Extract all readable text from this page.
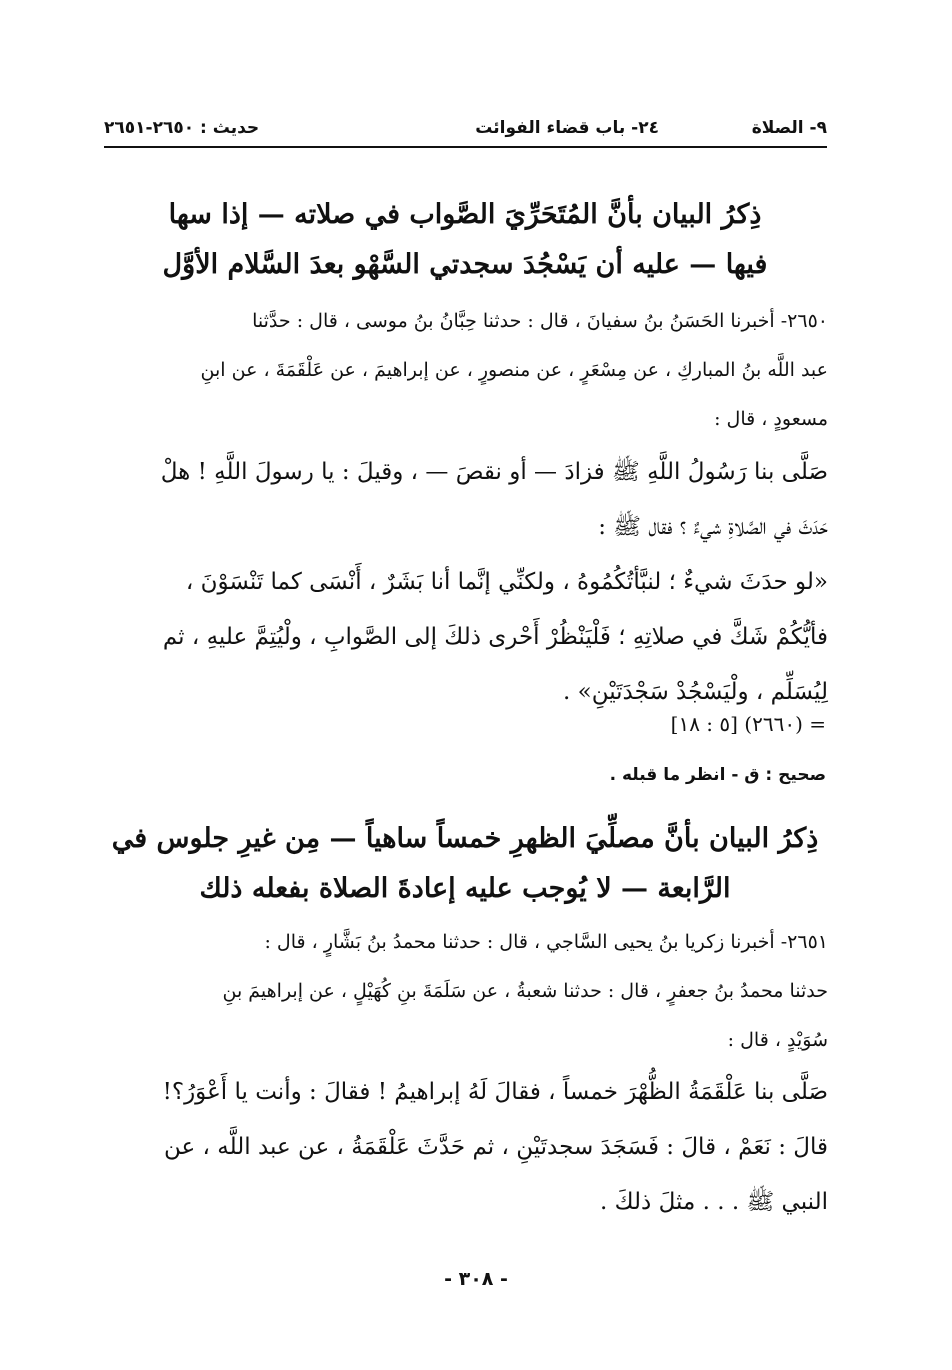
٩- الصلاة
٢٤- باب قضاء الفوائت
حديث : ٢٦٥٠-٢٦٥١
ذِكرُ البيان بأنَّ المُتَحَرِّيَ الصَّواب في صلاته — إذا سها
فيها — عليه أن يَسْجُدَ سجدتي السَّهْو بعدَ السَّلام الأوَّل
٢٦٥٠- أخبرنا الحَسَنُ بنُ سفيانَ ، قال : حدثنا حِبَّانُ بنُ موسى ، قال : حدَّثنا
عبد اللَّه بنُ المباركِ ، عن مِسْعَرٍ ، عن منصورٍ ، عن إبراهيمَ ، عن عَلْقَمَةَ ، عن ابنِ
مسعودٍ ، قال :
صَلَّى بنا رَسُولُ اللَّهِ ﷺ فزادَ — أو نقصَ — ، وقيلَ : يا رسولَ اللَّهِ ! هلْ
حَدَثَ في الصَّلاةِ شيءٌ ؟ فقال ﷺ :
«لو حدَثَ شيءٌ ؛ لنبَّأتُكُمُوهُ ، ولكنِّي إنَّما أنا بَشَرٌ ، أَنْسَى كما تَنْسَوْنَ ،
فأيُّكُمْ شَكَّ في صلاتِهِ ؛ فَلْيَنْظُرْ أَحْرى ذلكَ إلى الصَّوابِ ، ولْيُتِمَّ عليهِ ، ثم
لِيُسَلِّم ، ولْيَسْجُدْ سَجْدَتَيْنِ» .
= (٢٦٦٠) [٥ : ١٨]
صحيح : ق - انظر ما قبله .
ذِكرُ البيان بأنَّ مصلِّيَ الظهرِ خمساً ساهياً — مِن غيرِ جلوس في
الرَّابعة — لا يُوجب عليه إعادةَ الصلاة بفعله ذلك
٢٦٥١- أخبرنا زكريا بنُ يحيى السَّاجي ، قال : حدثنا محمدُ بنُ بَشَّارٍ ، قال :
حدثنا محمدُ بنُ جعفرٍ ، قال : حدثنا شعبةُ ، عن سَلَمَةَ بنِ كُهَيْلٍ ، عن إبراهيمَ بنِ
سُوَيْدٍ ، قال :
صَلَّى بنا عَلْقَمَةُ الظُّهْرَ خمساً ، فقالَ لَهُ إبراهيمُ ! فقالَ : وأنت يا أَعْوَرُ؟!
قالَ : نَعَمْ ، قالَ : فَسَجَدَ سجدتَيْنِ ، ثم حَدَّثَ عَلْقَمَةُ ، عن عبد اللَّه ، عن
النبي ﷺ . . . مثلَ ذلكَ .
- ٣٠٨ -
